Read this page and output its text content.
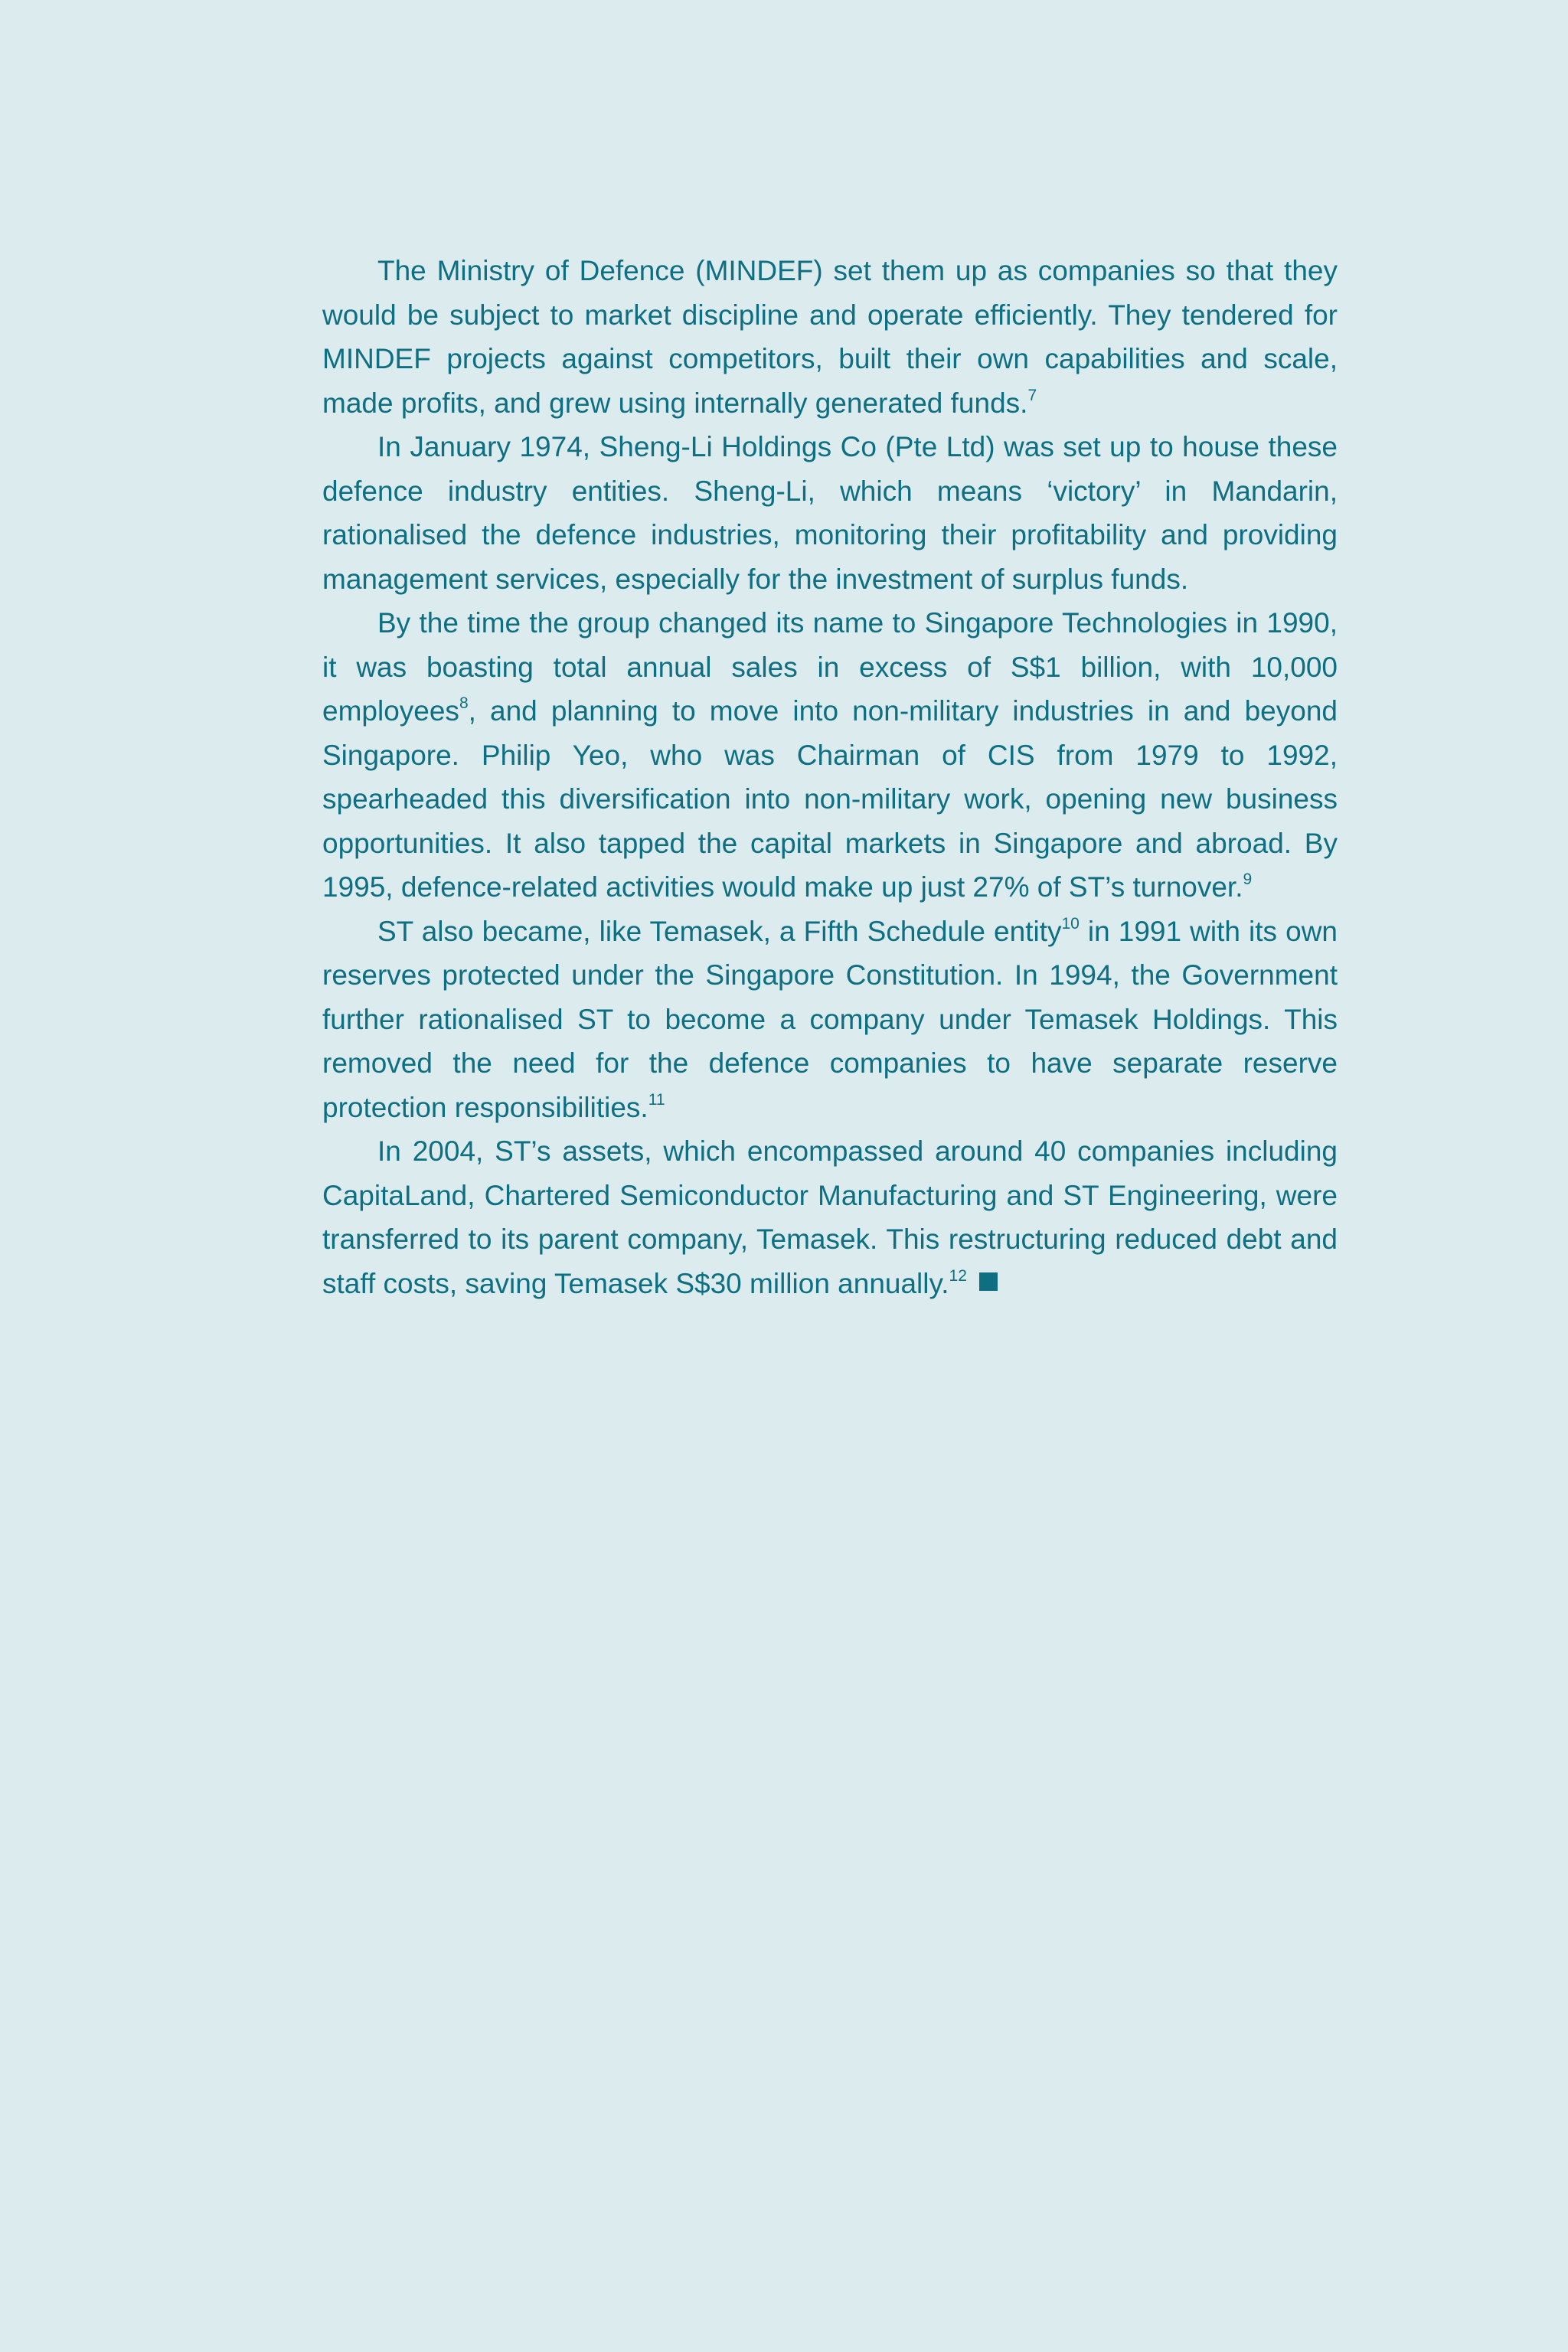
The Ministry of Defence (MINDEF) set them up as companies so that they would be subject to market discipline and operate efficiently. They tendered for MINDEF projects against competitors, built their own capabilities and scale, made profits, and grew using internally generated funds.$^7$

In January 1974, Sheng-Li Holdings Co (Pte Ltd) was set up to house these defence industry entities. Sheng-Li, which means ‘victory’ in Mandarin, rationalised the defence industries, monitoring their profitability and providing management services, especially for the investment of surplus funds.

By the time the group changed its name to Singapore Technologies in 1990, it was boasting total annual sales in excess of S$1 billion, with 10,000 employees$^8$, and planning to move into non-military industries in and beyond Singapore. Philip Yeo, who was Chairman of CIS from 1979 to 1992, spearheaded this diversification into non-military work, opening new business opportunities. It also tapped the capital markets in Singapore and abroad. By 1995, defence-related activities would make up just 27% of ST’s turnover.$^9$

ST also became, like Temasek, a Fifth Schedule entity$^{10}$ in 1991 with its own reserves protected under the Singapore Constitution. In 1994, the Government further rationalised ST to become a company under Temasek Holdings. This removed the need for the defence companies to have separate reserve protection responsibilities.$^{11}$

In 2004, ST’s assets, which encompassed around 40 companies including CapitaLand, Chartered Semiconductor Manufacturing and ST Engineering, were transferred to its parent company, Temasek. This restructuring reduced debt and staff costs, saving Temasek S$30 million annually.$^{12}$
